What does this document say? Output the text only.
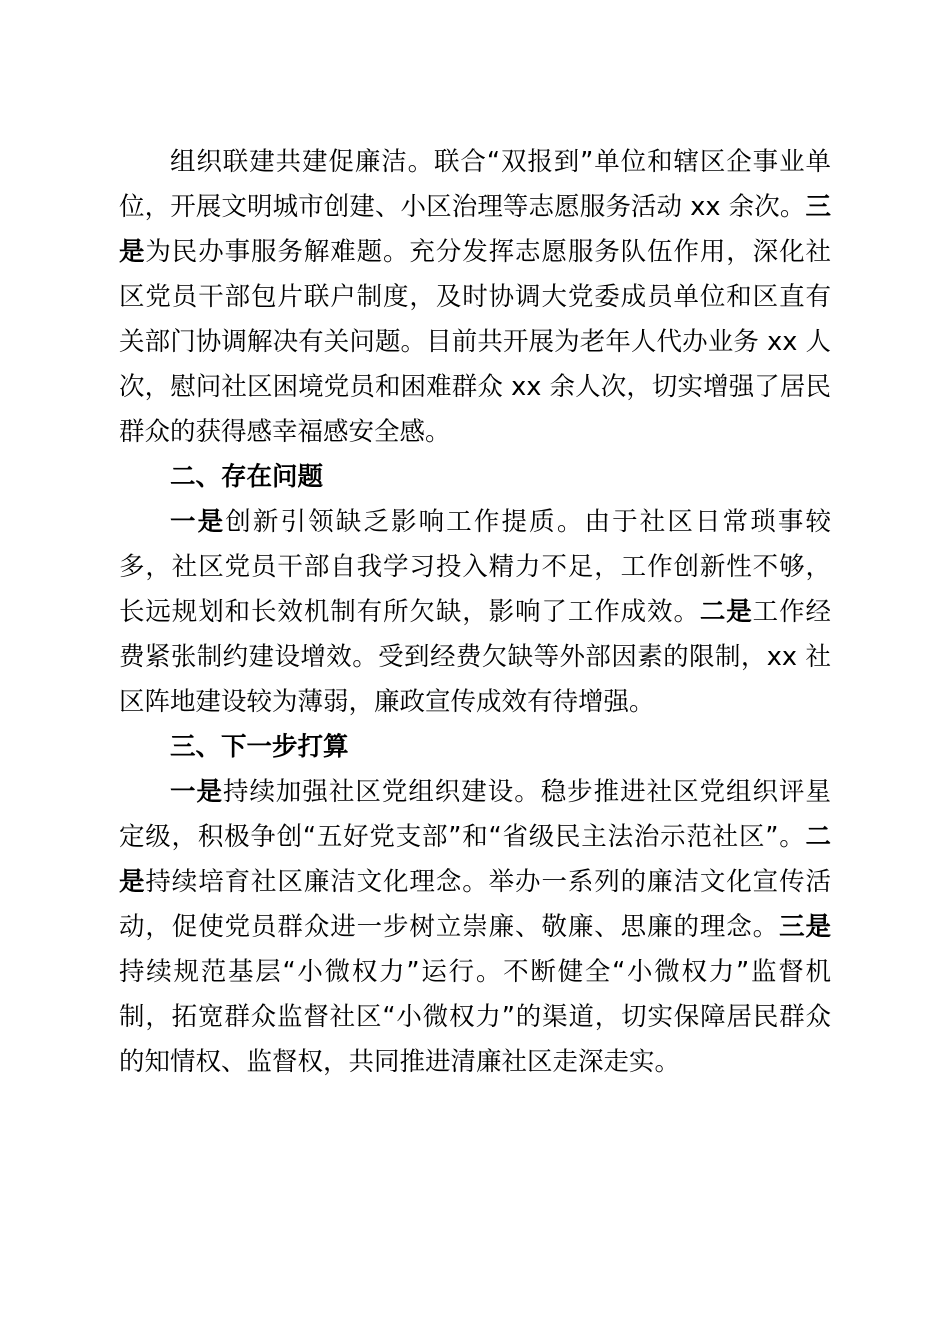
组织联建共建促廉洁。联合“双报到”单位和辖区企事业单位，开展文明城市创建、小区治理等志愿服务活动 xx 余次。三是为民办事服务解难题。充分发挥志愿服务队伍作用，深化社区党员干部包片联户制度，及时协调大党委成员单位和区直有关部门协调解决有关问题。目前共开展为老年人代办业务 xx 人次，慰问社区困境党员和困难群众 xx 余人次，切实增强了居民群众的获得感幸福感安全感。

二、存在问题

一是创新引领缺乏影响工作提质。由于社区日常琐事较多，社区党员干部自我学习投入精力不足，工作创新性不够，长远规划和长效机制有所欠缺，影响了工作成效。二是工作经费紧张制约建设增效。受到经费欠缺等外部因素的限制，xx 社区阵地建设较为薄弱，廉政宣传成效有待增强。

三、下一步打算

一是持续加强社区党组织建设。稳步推进社区党组织评星定级，积极争创“五好党支部”和“省级民主法治示范社区”。二是持续培育社区廉洁文化理念。举办一系列的廉洁文化宣传活动，促使党员群众进一步树立崇廉、敬廉、思廉的理念。三是持续规范基层“小微权力”运行。不断健全“小微权力”监督机制，拓宽群众监督社区“小微权力”的渠道，切实保障居民群众的知情权、监督权，共同推进清廉社区走深走实。
